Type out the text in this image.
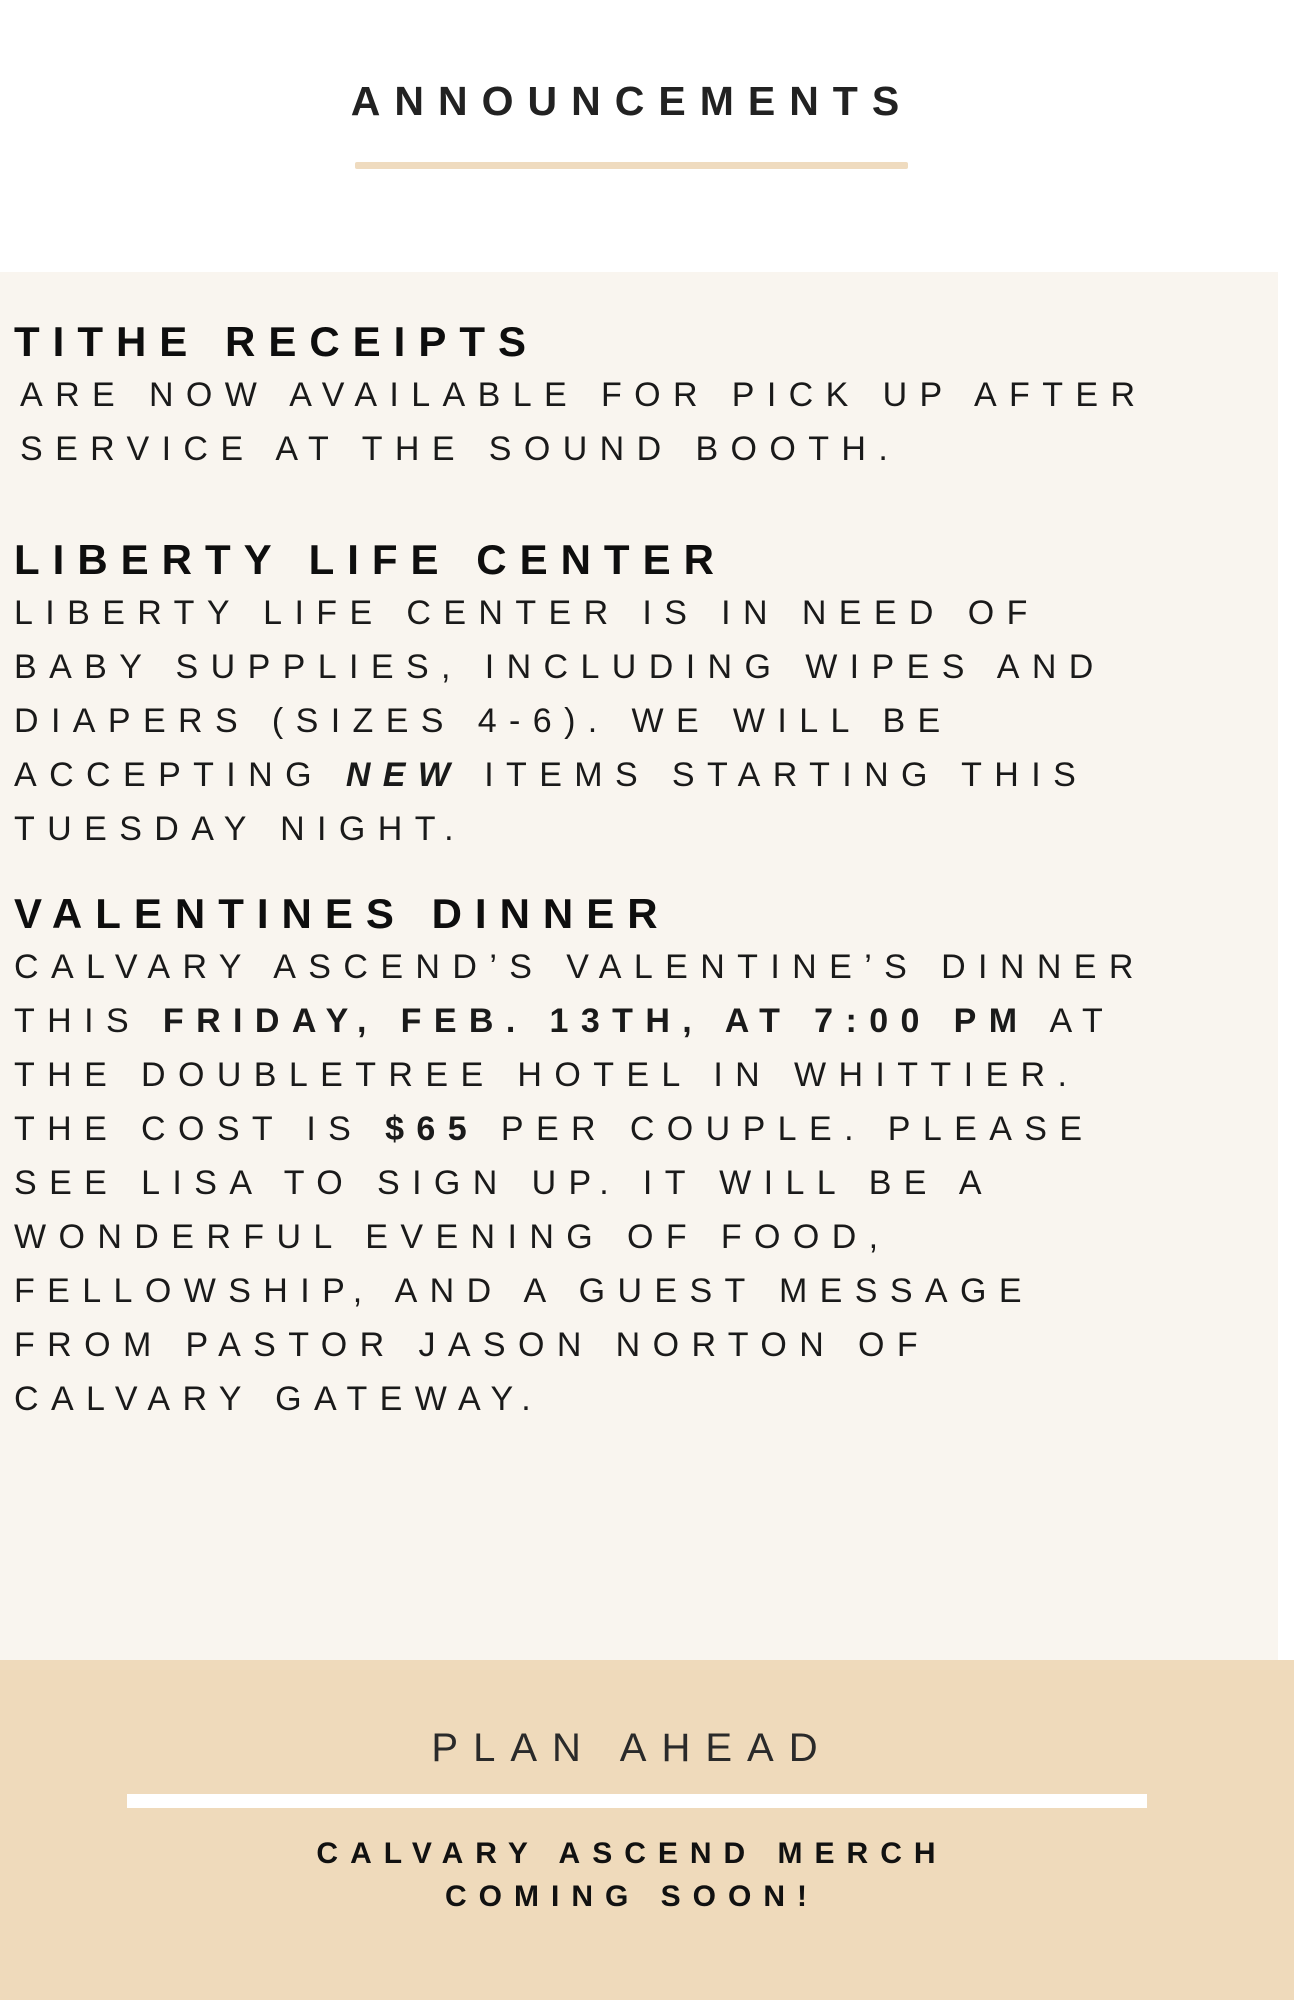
ANNOUNCEMENTS
TITHE RECEIPTS

ARE NOW AVAILABLE FOR PICK UP AFTER
SERVICE AT THE SOUND BOOTH.

LIBERTY LIFE CENTER

LIBERTY LIFE CENTER IS IN NEED OF
BABY SUPPLIES, INCLUDING WIPES AND
DIAPERS (SIZES 4-6). WE WILL BE
ACCEPTING NEW ITEMS STARTING THIS
TUESDAY NIGHT.

VALENTINES DINNER

CALVARY ASCEND’S VALENTINE’S DINNER
THIS FRIDAY, FEB. 13TH, AT 7:00 PM AT
THE DOUBLETREE HOTEL IN WHITTIER.
THE COST IS $65 PER COUPLE. PLEASE
SEE LISA TO SIGN UP. IT WILL BE A
WONDERFUL EVENING OF FOOD,
FELLOWSHIP, AND A GUEST MESSAGE
FROM PASTOR JASON NORTON OF
CALVARY GATEWAY.

PLAN AHEAD
CALVARY ASCEND MERCH
COMING SOON!
